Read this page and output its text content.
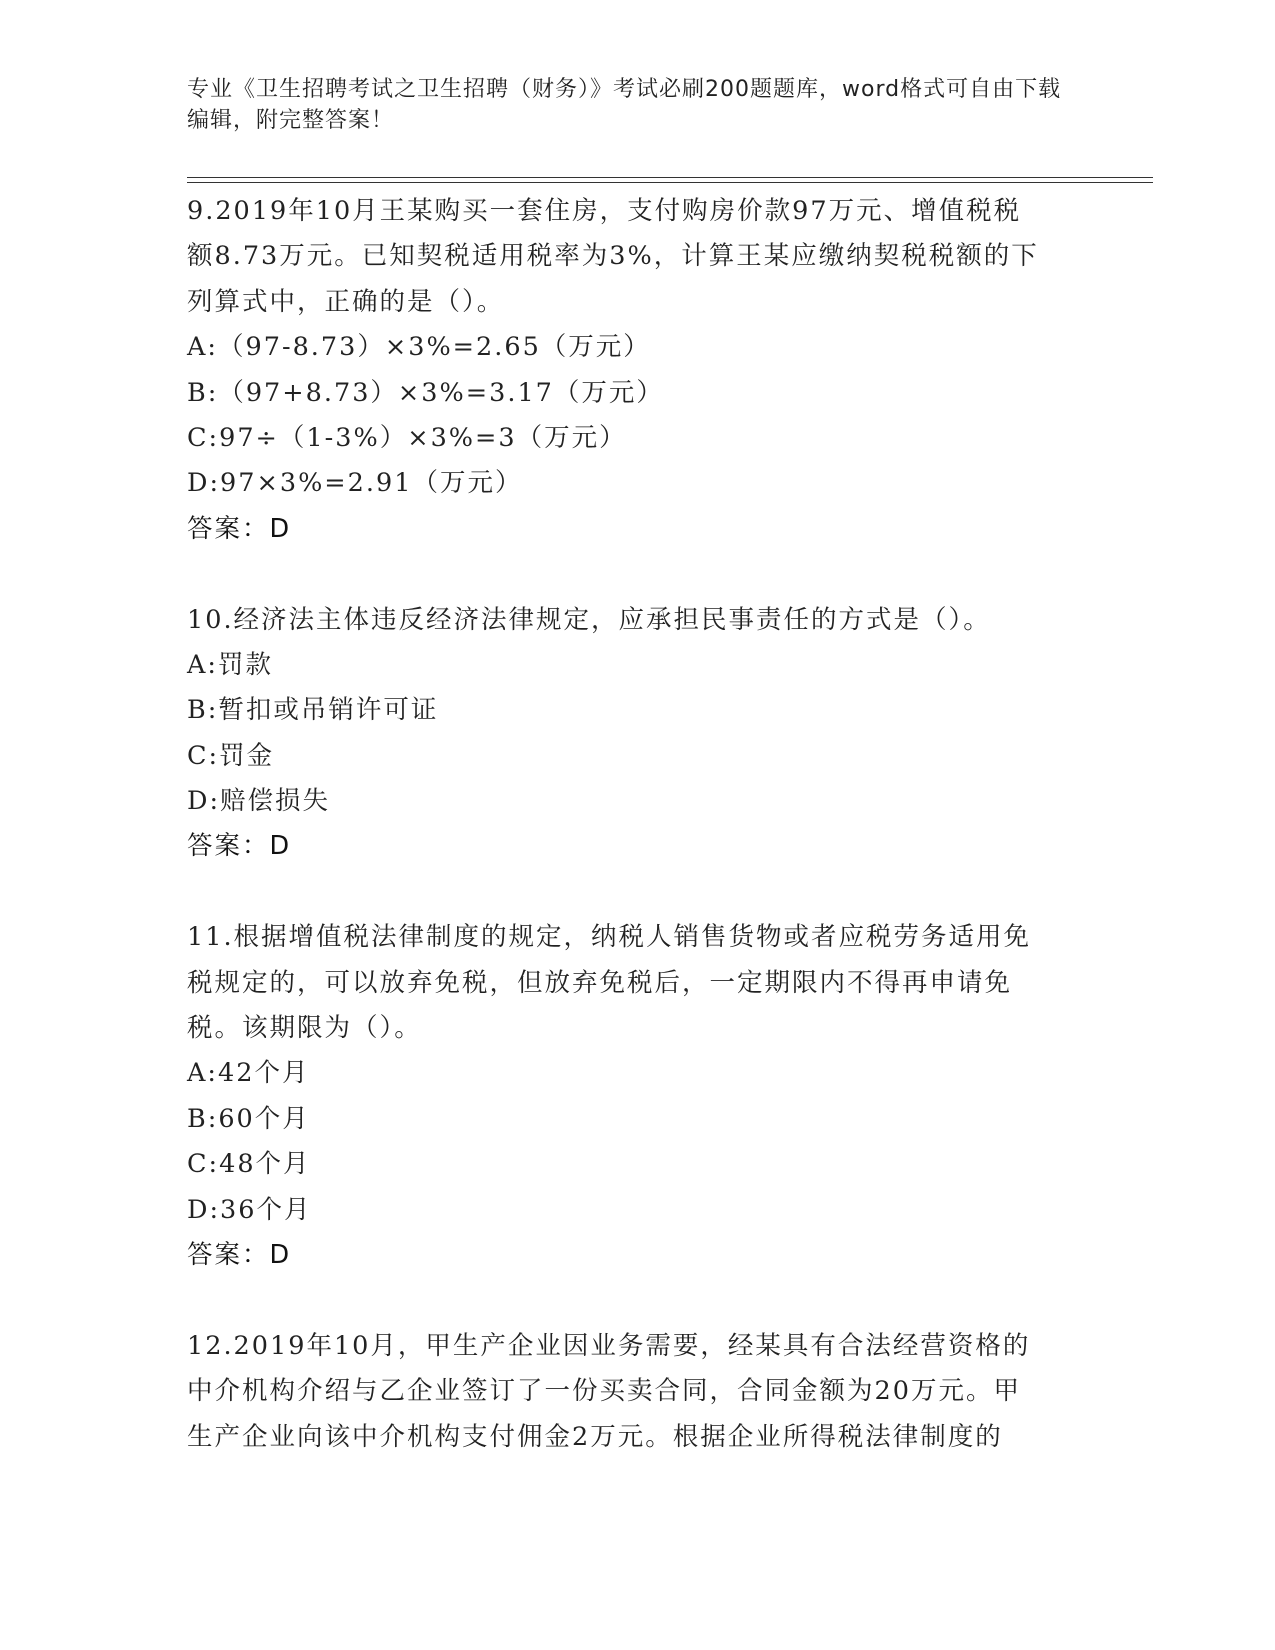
专业《卫生招聘考试之卫生招聘（财务）》考试必刷200题题库，word格式可自由下载编辑，附完整答案！
9.2019年10月王某购买一套住房，支付购房价款97万元、增值税税
额8.73万元。已知契税适用税率为3%，计算王某应缴纳契税税额的下
列算式中，正确的是（）。
A:（97-8.73）×3%=2.65（万元）
B:（97+8.73）×3%=3.17（万元）
C:97÷（1-3%）×3%=3（万元）
D:97×3%=2.91（万元）
答案：D
10.经济法主体违反经济法律规定，应承担民事责任的方式是（）。
A:罚款
B:暂扣或吊销许可证
C:罚金
D:赔偿损失
答案：D
11.根据增值税法律制度的规定，纳税人销售货物或者应税劳务适用免
税规定的，可以放弃免税，但放弃免税后，一定期限内不得再申请免
税。该期限为（）。
A:42个月
B:60个月
C:48个月
D:36个月
答案：D
12.2019年10月，甲生产企业因业务需要，经某具有合法经营资格的
中介机构介绍与乙企业签订了一份买卖合同，合同金额为20万元。甲
生产企业向该中介机构支付佣金2万元。根据企业所得税法律制度的
